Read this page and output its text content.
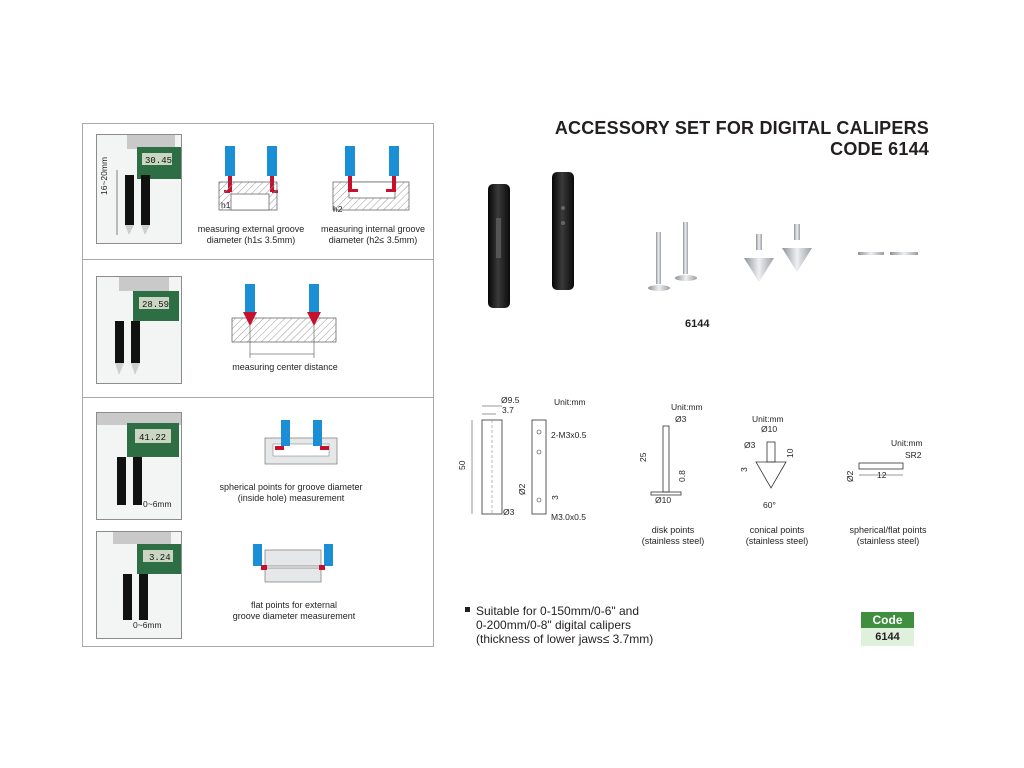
ACCESSORY SET FOR DIGITAL CALIPERS
CODE 6144
30.45
16~20mm
h1	h2
measuring external groove
diameter (h1≤ 3.5mm)
measuring internal groove
diameter (h2≤ 3.5mm)
28.59
measuring center distance
41.22
0~6mm
spherical points for groove diameter
(inside hole) measurement
3.24
0~6mm
flat points for external
groove diameter measurement
6144
Unit:mm
Ø9.5
3.7
50
2-M3x0.5
Ø2
3
Ø3	M3.0x0.5
Unit:mm
Ø3
25
0.8
Ø10
disk points
(stainless steel)
Unit:mm
Ø10
Ø3
10
3
60°
conical points
(stainless steel)
Unit:mm
SR2
Ø2	12
spherical/flat points
(stainless steel)
Suitable for 0-150mm/0-6" and
0-200mm/0-8" digital calipers
(thickness of lower jaws≤ 3.7mm)
Code
6144
